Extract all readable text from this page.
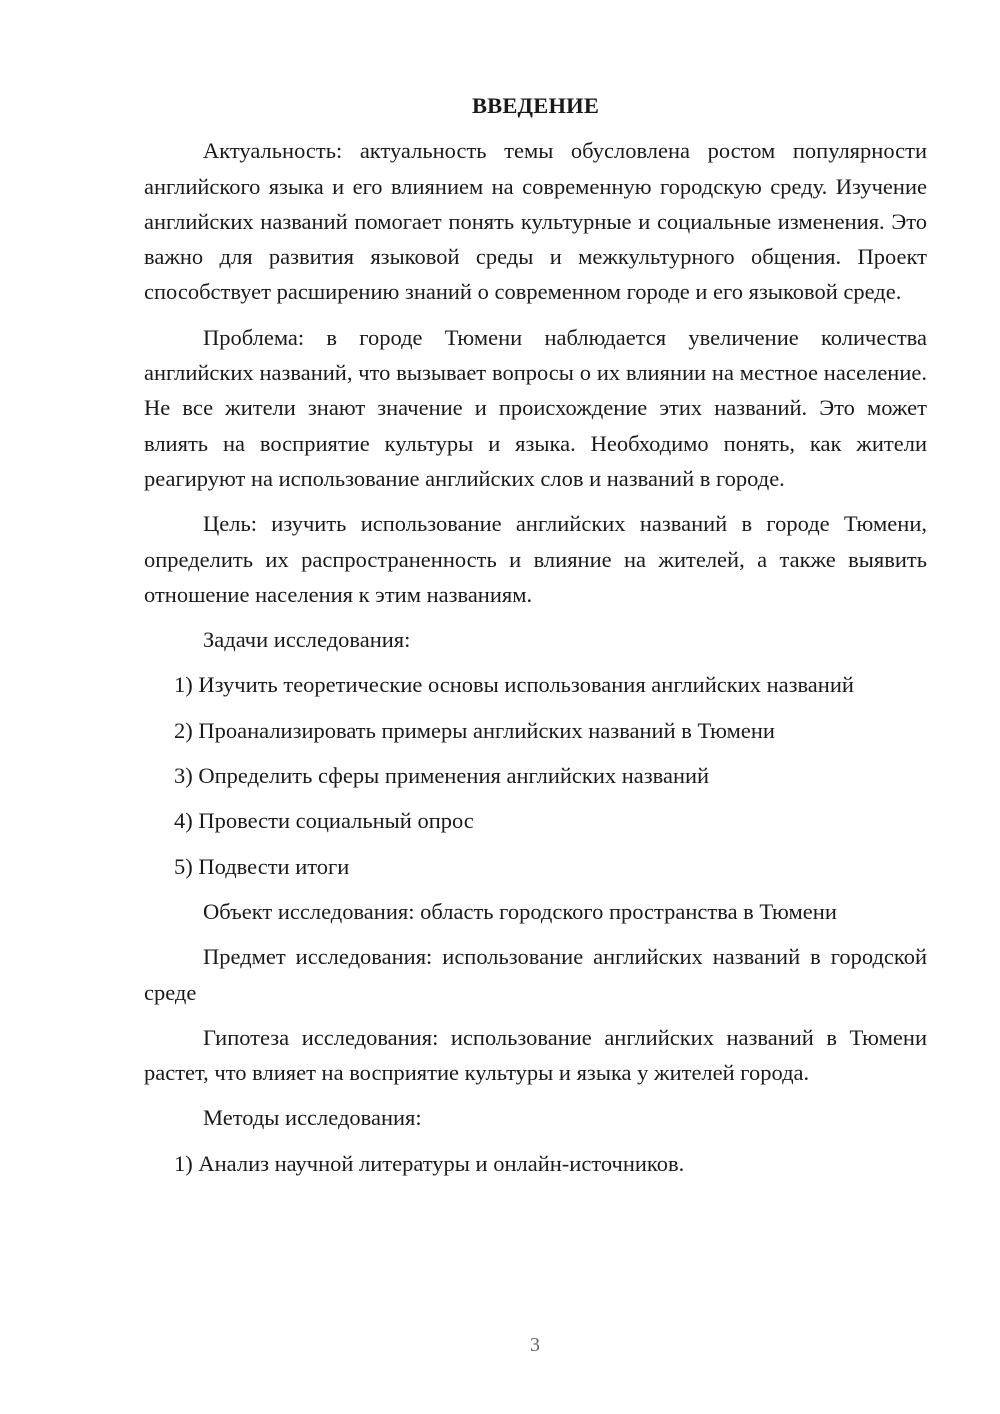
ВВЕДЕНИЕ
Актуальность: актуальность темы обусловлена ростом популярности английского языка и его влиянием на современную городскую среду. Изучение английских названий помогает понять культурные и социальные изменения. Это важно для развития языковой среды и межкультурного общения. Проект способствует расширению знаний о современном городе и его языковой среде.
Проблема: в городе Тюмени наблюдается увеличение количества английских названий, что вызывает вопросы о их влиянии на местное население. Не все жители знают значение и происхождение этих названий. Это может влиять на восприятие культуры и языка. Необходимо понять, как жители реагируют на использование английских слов и названий в городе.
Цель: изучить использование английских названий в городе Тюмени, определить их распространенность и влияние на жителей, а также выявить отношение населения к этим названиям.
Задачи исследования:
1) Изучить теоретические основы использования английских названий
2) Проанализировать примеры английских названий в Тюмени
3) Определить сферы применения английских названий
4) Провести социальный опрос
5) Подвести итоги
Объект исследования: область городского пространства в Тюмени
Предмет исследования: использование английских названий в городской среде
Гипотеза исследования: использование английских названий в Тюмени растет, что влияет на восприятие культуры и языка у жителей города.
Методы исследования:
1) Анализ научной литературы и онлайн-источников.
3
